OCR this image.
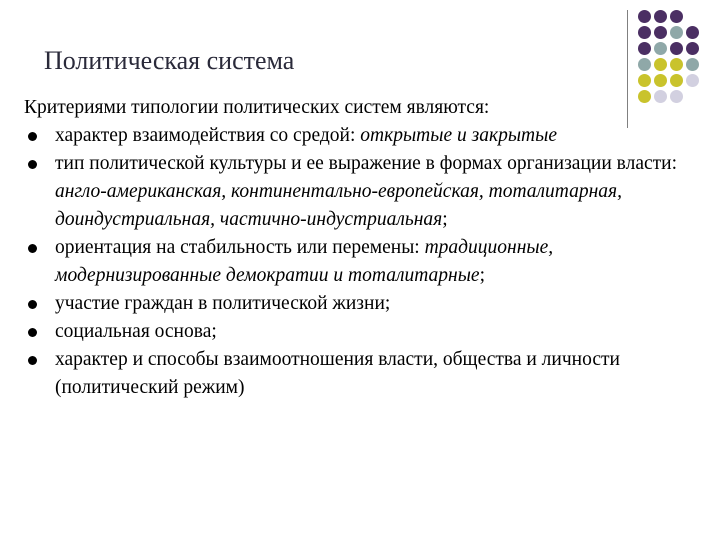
Политическая система
Критериями типологии политических систем являются:
характер взаимодействия со средой: открытые и закрытые
тип политической культуры и ее выражение в формах организации власти: англо-американская, континентально-европейская, тоталитарная, доиндустриальная, частично-индустриальная;
ориентация на стабильность или перемены: традиционные, модернизированные демократии и тоталитарные;
участие граждан в политической жизни;
социальная основа;
характер и способы взаимоотношения власти, общества и личности (политический режим)
